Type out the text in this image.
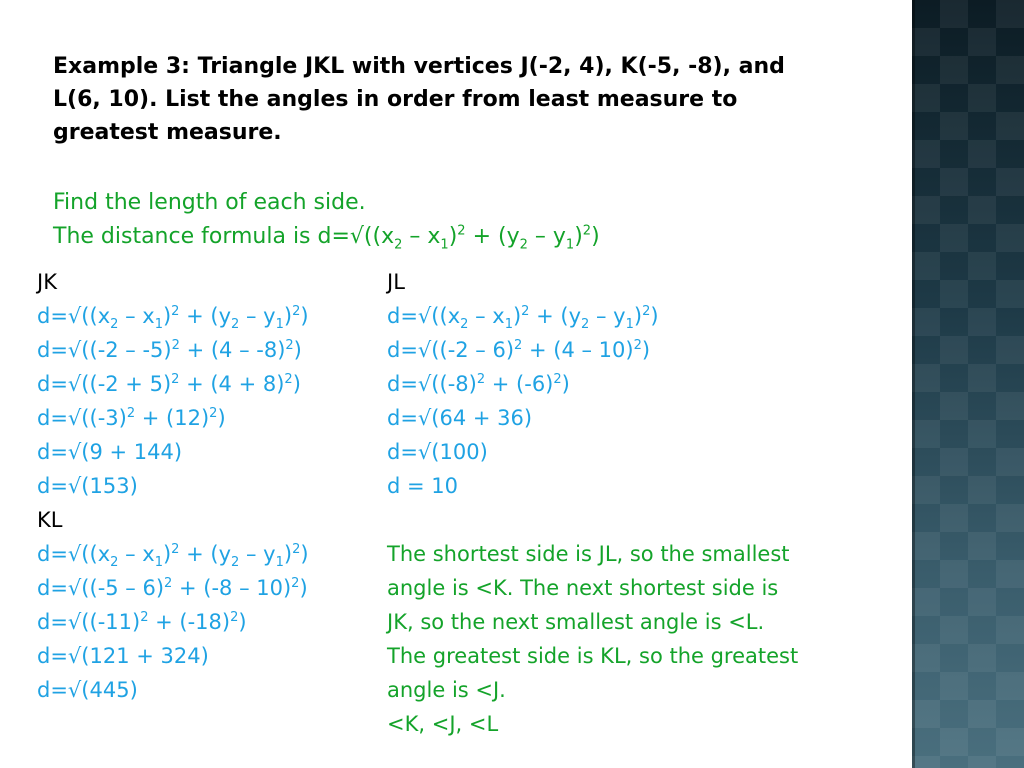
Example 3: Triangle JKL with vertices J(-2, 4), K(-5, -8), and
L(6, 10). List the angles in order from least measure to
greatest measure.
Find the length of each side.
The distance formula is $d=√((x_2 - x_1)^2 + (y_2 - y_1)^2)$
JK
$d=√((x_2 - x_1)^2 + (y_2 - y_1)^2)$
d=√((-2 – -5)$^2$ + (4 – -8)$^2$)
$d=√((-2 + 5)^2 + (4 + 8)^2)$
$d=√((-3)^2 + (12)^2)$
d=√(9 + 144)
d=√(153)
KL
$d=√((x_2 - x_1)^2 + (y_2 - y_1)^2)$
d=√((-5 – 6)$^2$ + (-8 – 10)$^2$)
$d=√((-11)^2 + (-18)^2)$
d=√(121 + 324)
d=√(445)
JL
$d=√((x_2 - x_1)^2 + (y_2 - y_1)^2)$
d=√((-2 – 6)$^2$ + (4 – 10)$^2$)
$d=√((-8)^2 + (-6)^2)$
d=√(64 + 36)
d=√(100)
d = 10
The shortest side is JL, so the smallest
angle is <K. The next shortest side is
JK, so the next smallest angle is <L.
The greatest side is KL, so the greatest
angle is <J.
<K, <J, <L
